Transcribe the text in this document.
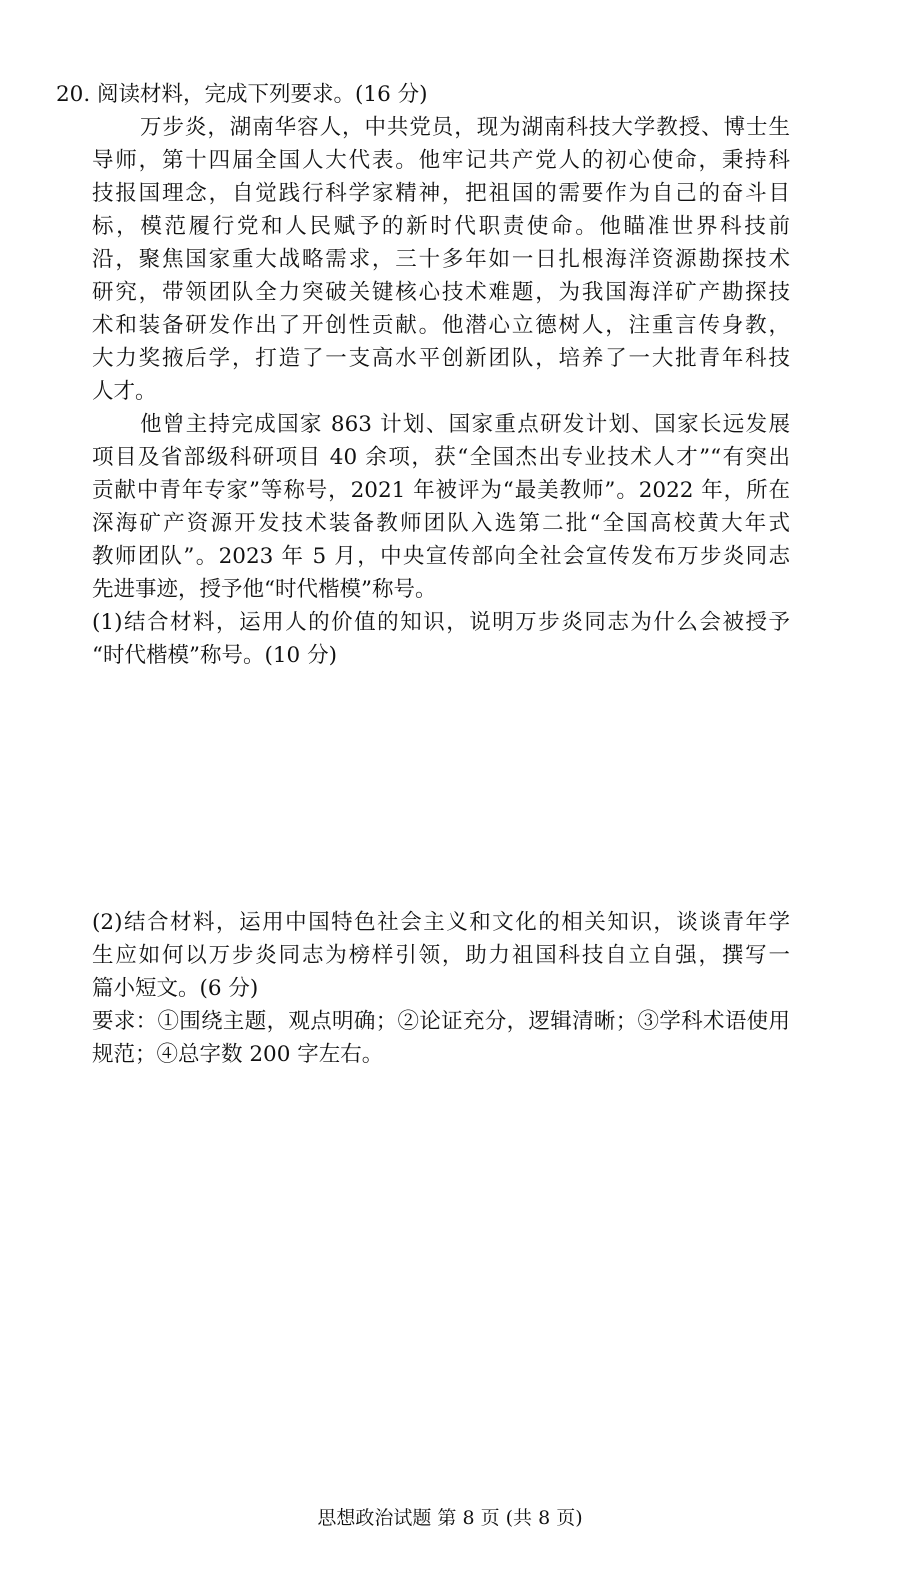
20. 阅读材料，完成下列要求。(16 分)
万步炎，湖南华容人，中共党员，现为湖南科技大学教授、博士生
导师，第十四届全国人大代表。他牢记共产党人的初心使命，秉持科
技报国理念，自觉践行科学家精神，把祖国的需要作为自己的奋斗目
标，模范履行党和人民赋予的新时代职责使命。他瞄准世界科技前
沿，聚焦国家重大战略需求，三十多年如一日扎根海洋资源勘探技术
研究，带领团队全力突破关键核心技术难题，为我国海洋矿产勘探技
术和装备研发作出了开创性贡献。他潜心立德树人，注重言传身教，
大力奖掖后学，打造了一支高水平创新团队，培养了一大批青年科技
人才。
他曾主持完成国家 863 计划、国家重点研发计划、国家长远发展
项目及省部级科研项目 40 余项，获“全国杰出专业技术人才”“有突出
贡献中青年专家”等称号，2021 年被评为“最美教师”。2022 年，所在
深海矿产资源开发技术装备教师团队入选第二批“全国高校黄大年式
教师团队”。2023 年 5 月，中央宣传部向全社会宣传发布万步炎同志
先进事迹，授予他“时代楷模”称号。
(1)结合材料，运用人的价值的知识，说明万步炎同志为什么会被授予
“时代楷模”称号。(10 分)
(2)结合材料，运用中国特色社会主义和文化的相关知识，谈谈青年学
生应如何以万步炎同志为榜样引领，助力祖国科技自立自强，撰写一
篇小短文。(6 分)
要求：①围绕主题，观点明确；②论证充分，逻辑清晰；③学科术语使用
规范；④总字数 200 字左右。
思想政治试题 第 8 页 (共 8 页)
